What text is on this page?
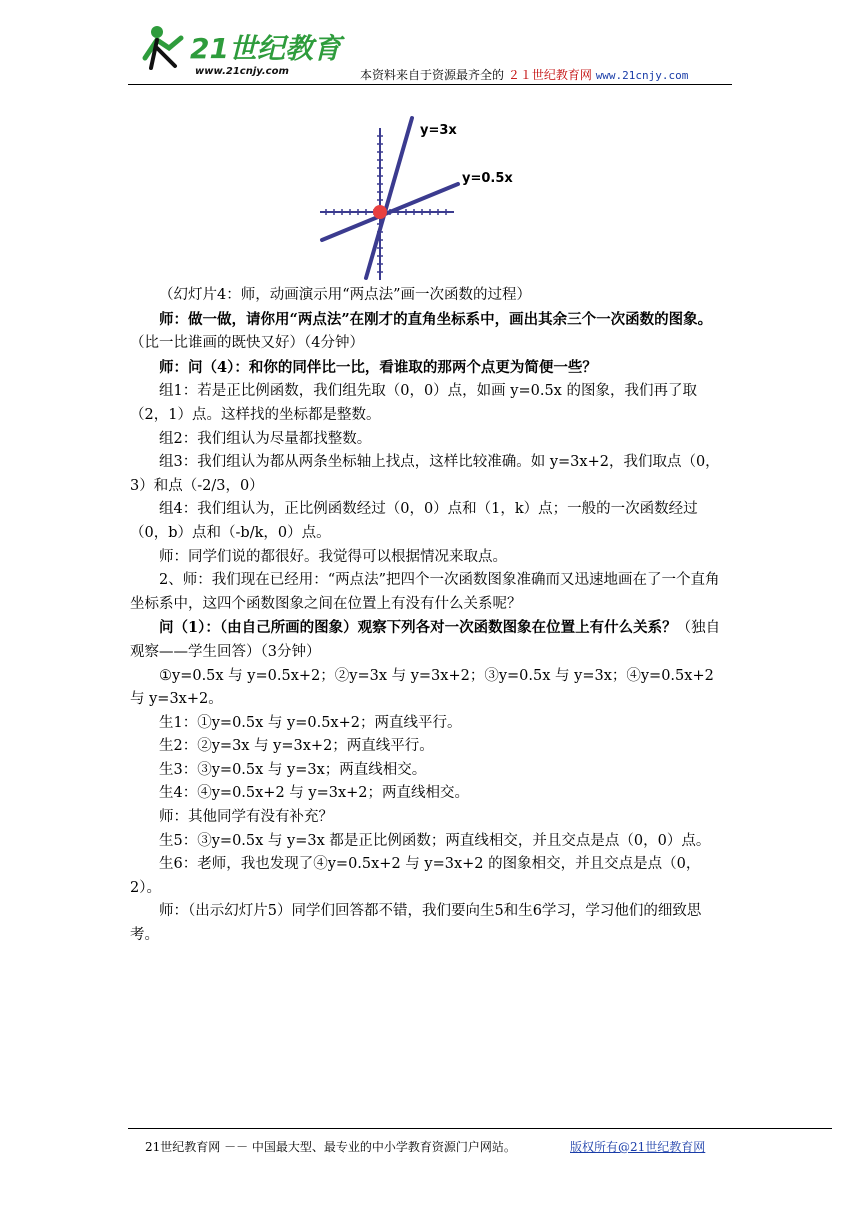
21世纪教育
www.21cnjy.com	本资料来自于资源最齐全的 ２１世纪教育网 www.21cnjy.com
y=3x
y=0.5x

（幻灯片4：师，动画演示用“两点法”画一次函数的过程）

师：做一做，请你用“两点法”在刚才的直角坐标系中，画出其余三个一次函数的图象。（比一比谁画的既快又好）（4分钟）

师：问（4）：和你的同伴比一比，看谁取的那两个点更为简便一些？

组1：若是正比例函数，我们组先取（0，0）点，如画 y=0.5x 的图象，我们再了取（2，1）点。这样找的坐标都是整数。

组2：我们组认为尽量都找整数。

组3：我们组认为都从两条坐标轴上找点，这样比较准确。如 y=3x+2，我们取点（0，3）和点（-2/3，0）

组4：我们组认为，正比例函数经过（0，0）点和（1，k）点；一般的一次函数经过（0，b）点和（-b/k，0）点。

师：同学们说的都很好。我觉得可以根据情况来取点。

2、师：我们现在已经用：“两点法”把四个一次函数图象准确而又迅速地画在了一个直角坐标系中，这四个函数图象之间在位置上有没有什么关系呢？

问（1）：（由自己所画的图象）观察下列各对一次函数图象在位置上有什么关系？（独自观察——学生回答）（3分钟）

①y=0.5x 与 y=0.5x+2；②y=3x 与 y=3x+2；③y=0.5x 与 y=3x；④y=0.5x+2 与 y=3x+2。

生1：①y=0.5x 与 y=0.5x+2；两直线平行。

生2：②y=3x 与 y=3x+2；两直线平行。

生3：③y=0.5x 与 y=3x；两直线相交。

生4：④y=0.5x+2 与 y=3x+2；两直线相交。

师：其他同学有没有补充？

生5：③y=0.5x 与 y=3x 都是正比例函数；两直线相交，并且交点是点（0，0）点。

生6：老师，我也发现了④y=0.5x+2 与 y=3x+2 的图象相交，并且交点是点（0，2）。

师：（出示幻灯片5）同学们回答都不错，我们要向生5和生6学习，学习他们的细致思考。

21世纪教育网 －－ 中国最大型、最专业的中小学教育资源门户网站。	版权所有@21世纪教育网
